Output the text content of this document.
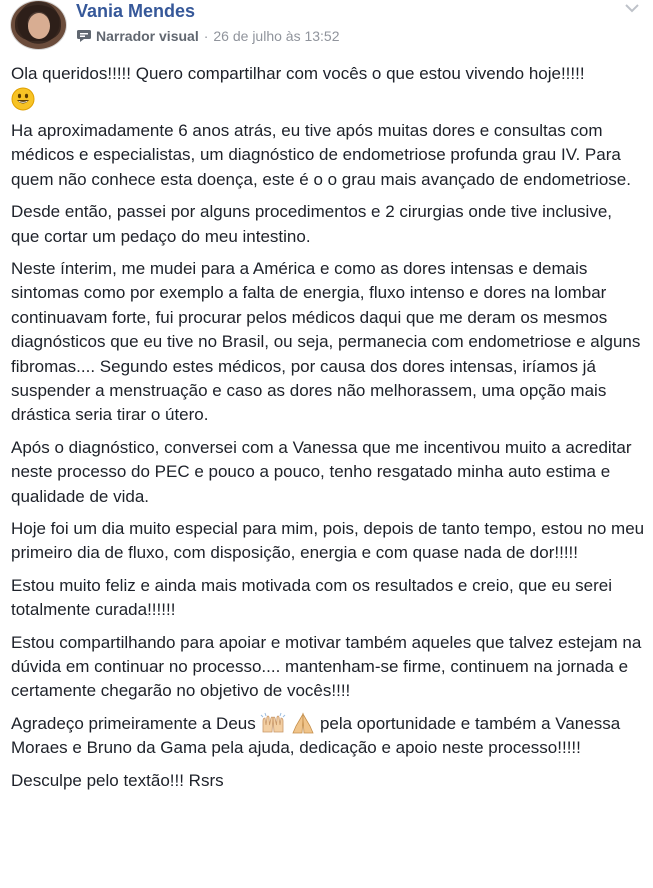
Vania Mendes
Narrador visual · 26 de julho às 13:52

Ola queridos!!!!! Quero compartilhar com vocês o que estou vivendo hoje!!!!!

Ha aproximadamente 6 anos atrás, eu tive após muitas dores e consultas com médicos e especialistas, um diagnóstico de endometriose profunda grau IV. Para quem não conhece esta doença, este é o o grau mais avançado de endometriose.

Desde então, passei por alguns procedimentos e 2 cirurgias onde tive inclusive, que cortar um pedaço do meu intestino.

Neste ínterim, me mudei para a América e como as dores intensas e demais sintomas como por exemplo a falta de energia, fluxo intenso e dores na lombar continuavam forte, fui procurar pelos médicos daqui que me deram os mesmos diagnósticos que eu tive no Brasil, ou seja, permanecia com endometriose e alguns fibromas.... Segundo estes médicos, por causa dos dores intensas, iríamos já suspender a menstruação e caso as dores não melhorassem, uma opção mais drástica seria tirar o útero.

Após o diagnóstico, conversei com a Vanessa que me incentivou muito a acreditar neste processo do PEC e pouco a pouco, tenho resgatado minha auto estima e qualidade de vida.

Hoje foi um dia muito especial para mim, pois, depois de tanto tempo, estou no meu primeiro dia de fluxo, com disposição, energia e com quase nada de dor!!!!!

Estou muito feliz e ainda mais motivada com os resultados e creio, que eu serei totalmente curada!!!!!!

Estou compartilhando para apoiar e motivar também aqueles que talvez estejam na dúvida em continuar no processo.... mantenham-se firme, continuem na jornada e certamente chegarão no objetivo de vocês!!!!

Agradeço primeiramente a Deus	pela oportunidade e também a Vanessa Moraes e Bruno da Gama pela ajuda, dedicação e apoio neste processo!!!!!

Desculpe pelo textão!!! Rsrs
